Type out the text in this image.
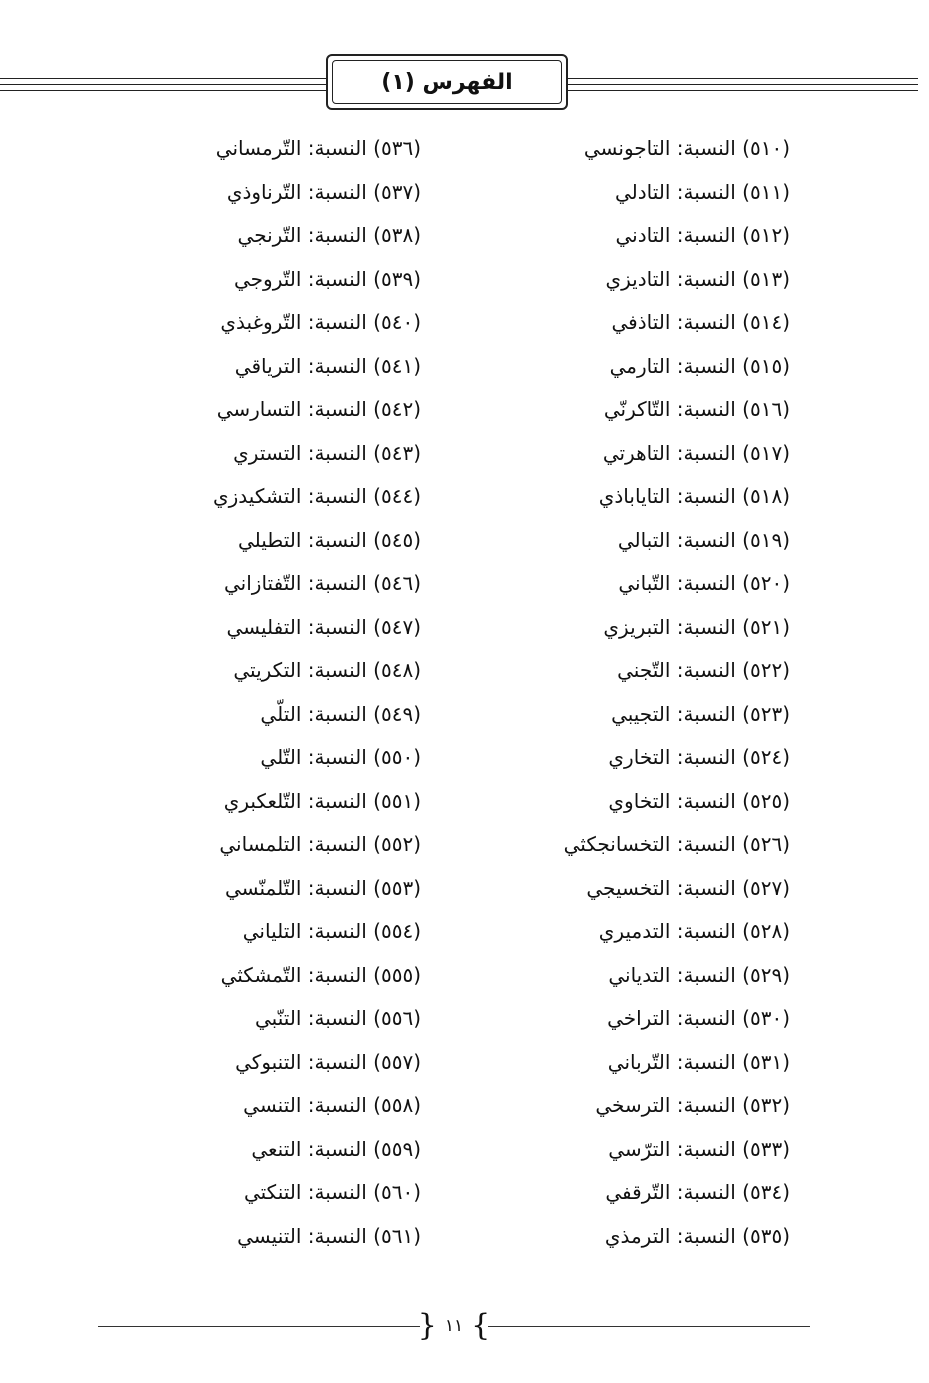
الفهرس (١)
(٥١٠) النسبة: التاجونسي
(٥١١) النسبة: التادلي
(٥١٢) النسبة: التادني
(٥١٣) النسبة: التاديزي
(٥١٤) النسبة: التاذفي
(٥١٥) النسبة: التارمي
(٥١٦) النسبة: التّاكرنّي
(٥١٧) النسبة: التاهرتي
(٥١٨) النسبة: التاياباذي
(٥١٩) النسبة: التبالي
(٥٢٠) النسبة: التّباني
(٥٢١) النسبة: التبريزي
(٥٢٢) النسبة: التّجني
(٥٢٣) النسبة: التجيبي
(٥٢٤) النسبة: التخاري
(٥٢٥) النسبة: التخاوي
(٥٢٦) النسبة: التخسانجكثي
(٥٢٧) النسبة: التخسيجي
(٥٢٨) النسبة: التدميري
(٥٢٩) النسبة: التدياني
(٥٣٠) النسبة: التراخي
(٥٣١) النسبة: التّرباني
(٥٣٢) النسبة: الترسخي
(٥٣٣) النسبة: الترّسي
(٥٣٤) النسبة: التّرقفي
(٥٣٥) النسبة: الترمذي
(٥٣٦) النسبة: التّرمساني
(٥٣٧) النسبة: التّرناوذي
(٥٣٨) النسبة: التّرنجي
(٥٣٩) النسبة: التّروجي
(٥٤٠) النسبة: التّروغبذي
(٥٤١) النسبة: الترياقي
(٥٤٢) النسبة: التسارسي
(٥٤٣) النسبة: التستري
(٥٤٤) النسبة: التشكيدزي
(٥٤٥) النسبة: التطيلي
(٥٤٦) النسبة: التّفتازاني
(٥٤٧) النسبة: التفليسي
(٥٤٨) النسبة: التكريتي
(٥٤٩) النسبة: التلّي
(٥٥٠) النسبة: التّلي
(٥٥١) النسبة: التّلعكبري
(٥٥٢) النسبة: التلمساني
(٥٥٣) النسبة: التّلمنّسي
(٥٥٤) النسبة: التلياني
(٥٥٥) النسبة: التّمشكثي
(٥٥٦) النسبة: التنّبي
(٥٥٧) النسبة: التنبوكي
(٥٥٨) النسبة: التنسي
(٥٥٩) النسبة: التنعي
(٥٦٠) النسبة: التنكتي
(٥٦١) النسبة: التنيسي
} ١١ {
